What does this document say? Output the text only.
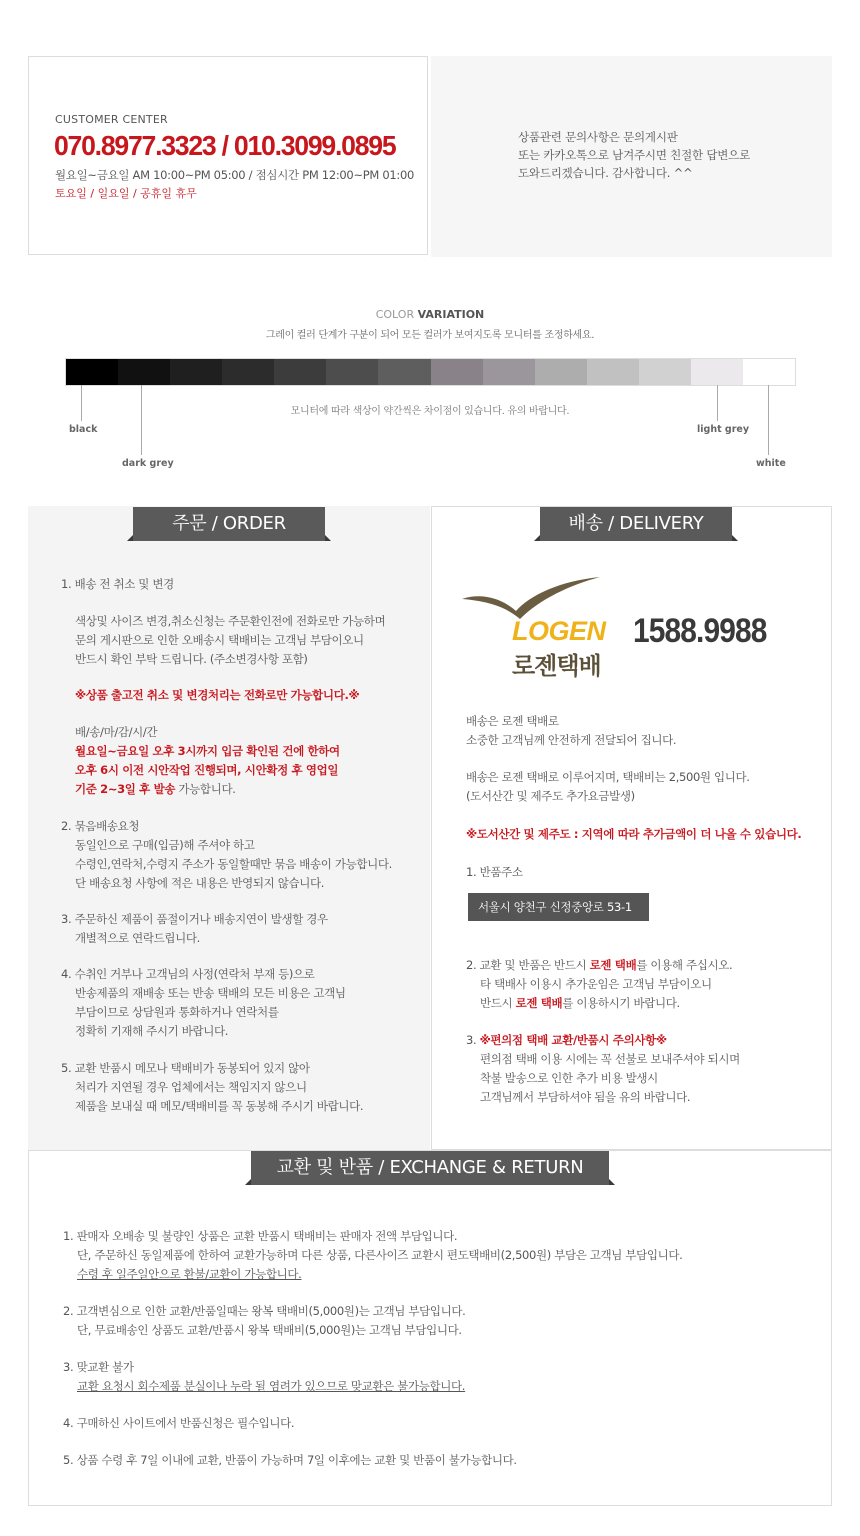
CUSTOMER CENTER
070.8977.3323 / 010.3099.0895
월요일~금요일 AM 10:00~PM 05:00 / 점심시간 PM 12:00~PM 01:00
토요일 / 일요일 / 공휴일 휴무
상품관련 문의사항은 문의게시판
또는 카카오톡으로 남겨주시면 친절한 답변으로
도와드리겠습니다. 감사합니다. ^^
COLOR VARIATION
그레이 컬러 단계가 구분이 되어 모든 컬러가 보여지도록 모니터를 조정하세요.
모니터에 따라 색상이 약간씩은 차이점이 있습니다. 유의 바랍니다.
black
dark grey
light grey
white
주문 / ORDER
1. 배송 전 취소 및 변경
색상및 사이즈 변경,취소신청는 주문환인전에 전화로만 가능하며
문의 게시판으로 인한 오배송시 택배비는 고객님 부담이오니
반드시 확인 부탁 드립니다. (주소변경사항 포함)
※상품 출고전 취소 및 변경처리는 전화로만 가능합니다.※
배/송/마/감/시/간
월요일~금요일 오후 3시까지 입금 확인된 건에 한하여
오후 6시 이전 시안작업 진행되며, 시안확정 후 영업일
기준 2~3일 후 발송 가능합니다.
2. 묶음배송요청
동일인으로 구매(입금)해 주셔야 하고
수령인,연락처,수령지 주소가 동일할때만 묶음 배송이 가능합니다.
단 배송요청 사항에 적은 내용은 반영되지 않습니다.
3. 주문하신 제품이 품절이거나 배송지연이 발생할 경우
개별적으로 연락드립니다.
4. 수취인 거부나 고객님의 사정(연락처 부재 등)으로
반송제품의 재배송 또는 반송 택배의 모든 비용은 고객님
부담이므로 상담원과 통화하거나 연락처를
정확히 기재해 주시기 바랍니다.
5. 교환 반품시 메모나 택배비가 동봉되어 있지 않아
처리가 지연될 경우 업체에서는 책임지지 않으니
제품을 보내실 때 메모/택배비를 꼭 동봉해 주시기 바랍니다.
배송 / DELIVERY
LOGEN
로젠택배
1588.9988
배송은 로젠 택배로
소중한 고객님께 안전하게 전달되어 집니다.
배송은 로젠 택배로 이루어지며, 택배비는 2,500원 입니다.
(도서산간 및 제주도 추가요금발생)
※도서산간 및 제주도 : 지역에 따라 추가금액이 더 나올 수 있습니다.
1. 반품주소
서울시 양천구 신정중앙로 53-1
2. 교환 및 반품은 반드시 로젠 택배를 이용해 주십시오.
타 택배사 이용시 추가운임은 고객님 부담이오니
반드시 로젠 택배를 이용하시기 바랍니다.
3. ※편의점 택배 교환/반품시 주의사항※
편의점 택배 이용 시에는 꼭 선불로 보내주셔야 되시며
착불 발송으로 인한 추가 비용 발생시
고객님께서 부담하셔야 됨을 유의 바랍니다.
교환 및 반품 / EXCHANGE & RETURN
1. 판매자 오배송 및 불량인 상품은 교환 반품시 택배비는 판매자 전액 부담입니다.
단, 주문하신 동일제품에 한하여 교환가능하며 다른 상품, 다른사이즈 교환시 편도택배비(2,500원) 부담은 고객님 부담입니다.
수령 후 일주일안으로 환불/교환이 가능합니다.
2. 고객변심으로 인한 교환/반품일때는 왕복 택배비(5,000원)는 고객님 부담입니다.
단, 무료배송인 상품도 교환/반품시 왕복 택배비(5,000원)는 고객님 부담입니다.
3. 맞교환 불가
교환 요청시 회수제품 분실이나 누락 될 염려가 있으므로 맞교환은 불가능합니다.
4. 구매하신 사이트에서 반품신청은 필수입니다.
5. 상품 수령 후 7일 이내에 교환, 반품이 가능하며 7일 이후에는 교환 및 반품이 불가능합니다.
